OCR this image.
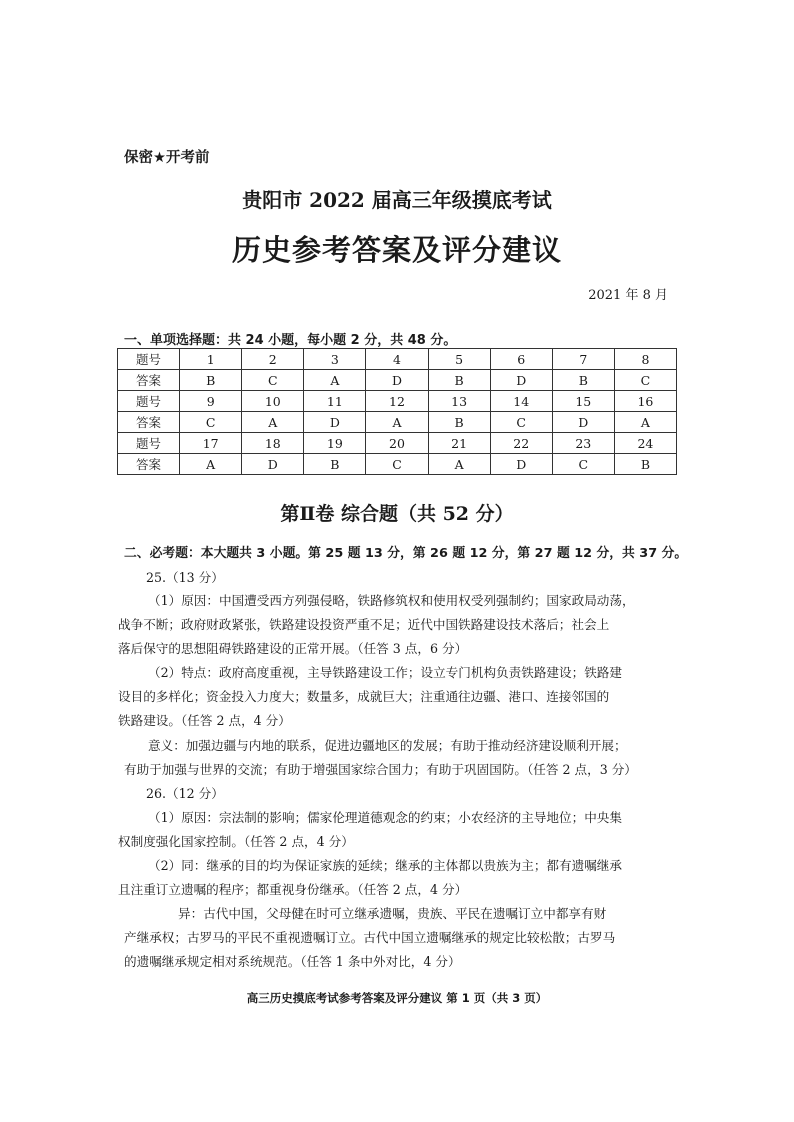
保密★开考前
贵阳市 2022 届高三年级摸底考试
历史参考答案及评分建议
2021 年 8 月
一、单项选择题：共 24 小题，每小题 2 分，共 48 分。
题号	1	2	3	4	5	6	7	8
答案	B	C	A	D	B	D	B	C
题号	9	10	11	12	13	14	15	16
答案	C	A	D	A	B	C	D	A
题号	17	18	19	20	21	22	23	24
答案	A	D	B	C	A	D	C	B
第Ⅱ卷 综合题（共 52 分）
二、必考题：本大题共 3 小题。第 25 题 13 分，第 26 题 12 分，第 27 题 12 分，共 37 分。
25.（13 分）
（1）原因：中国遭受西方列强侵略，铁路修筑权和使用权受列强制约；国家政局动荡，
战争不断；政府财政紧张，铁路建设投资严重不足；近代中国铁路建设技术落后；社会上
落后保守的思想阻碍铁路建设的正常开展。（任答 3 点，6 分）
（2）特点：政府高度重视，主导铁路建设工作；设立专门机构负责铁路建设；铁路建
设目的多样化；资金投入力度大；数量多，成就巨大；注重通往边疆、港口、连接邻国的
铁路建设。（任答 2 点，4 分）
意义：加强边疆与内地的联系，促进边疆地区的发展；有助于推动经济建设顺利开展；
有助于加强与世界的交流；有助于增强国家综合国力；有助于巩固国防。（任答 2 点，3 分）
26.（12 分）
（1）原因：宗法制的影响；儒家伦理道德观念的约束；小农经济的主导地位；中央集
权制度强化国家控制。（任答 2 点，4 分）
（2）同：继承的目的均为保证家族的延续；继承的主体都以贵族为主；都有遗嘱继承
且注重订立遗嘱的程序；都重视身份继承。（任答 2 点，4 分）
异：古代中国，父母健在时可立继承遗嘱，贵族、平民在遗嘱订立中都享有财
产继承权；古罗马的平民不重视遗嘱订立。古代中国立遗嘱继承的规定比较松散；古罗马
的遗嘱继承规定相对系统规范。（任答 1 条中外对比，4 分）
高三历史摸底考试参考答案及评分建议 第 1 页（共 3 页）
